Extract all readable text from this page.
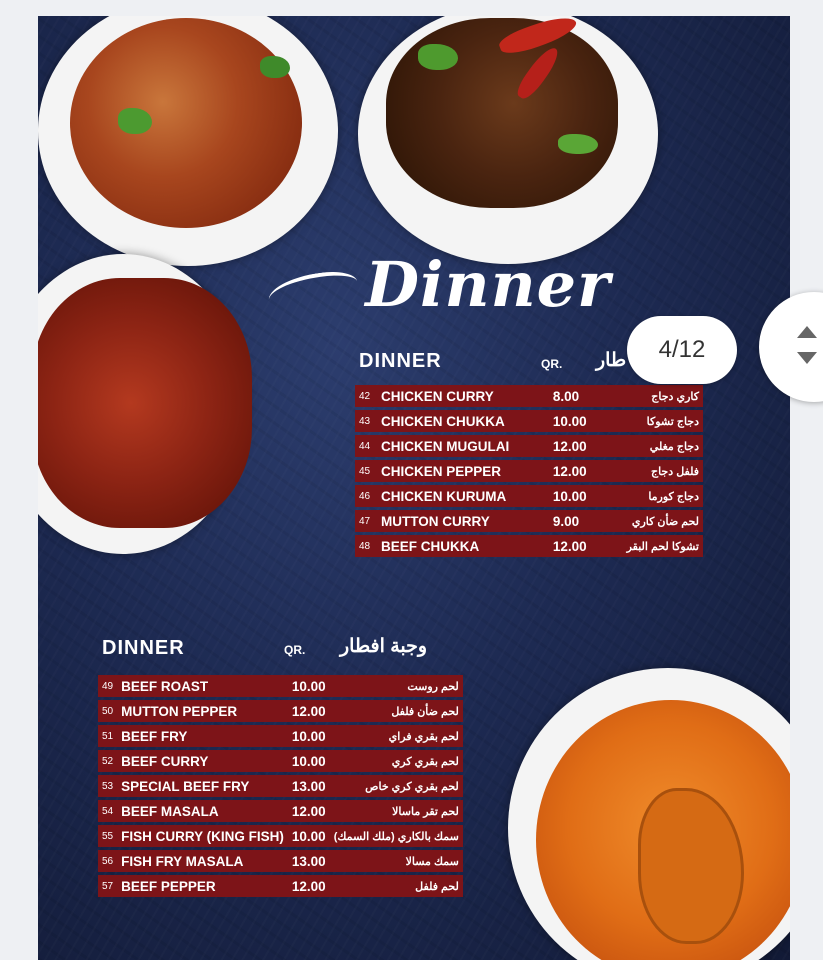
Dinner
DINNER	QR. طار
42	CHICKEN CURRY	8.00	كاري دجاج
43	CHICKEN CHUKKA	10.00	دجاج تشوكا
44	CHICKEN MUGULAI	12.00	دجاج مغلي
45	CHICKEN PEPPER	12.00	فلفل دجاج
46	CHICKEN KURUMA	10.00	دجاج كورما
47	MUTTON CURRY	9.00	لحم ضأن كاري
48	BEEF CHUKKA	12.00	تشوكا لحم البقر
DINNER	QR. وجبة افطار
49	BEEF ROAST	10.00	لحم روست
50	MUTTON PEPPER	12.00	لحم ضأن فلفل
51	BEEF FRY	10.00	لحم بقري فراي
52	BEEF CURRY	10.00	لحم بقري كري
53	SPECIAL BEEF FRY	13.00	لحم بقري كري خاص
54	BEEF MASALA	12.00	لحم تقر ماسالا
55	FISH CURRY (KING FISH)	10.00	سمك بالكاري (ملك السمك)
56	FISH FRY MASALA	13.00	سمك مسالا
57	BEEF PEPPER	12.00	لحم فلفل
4/12
